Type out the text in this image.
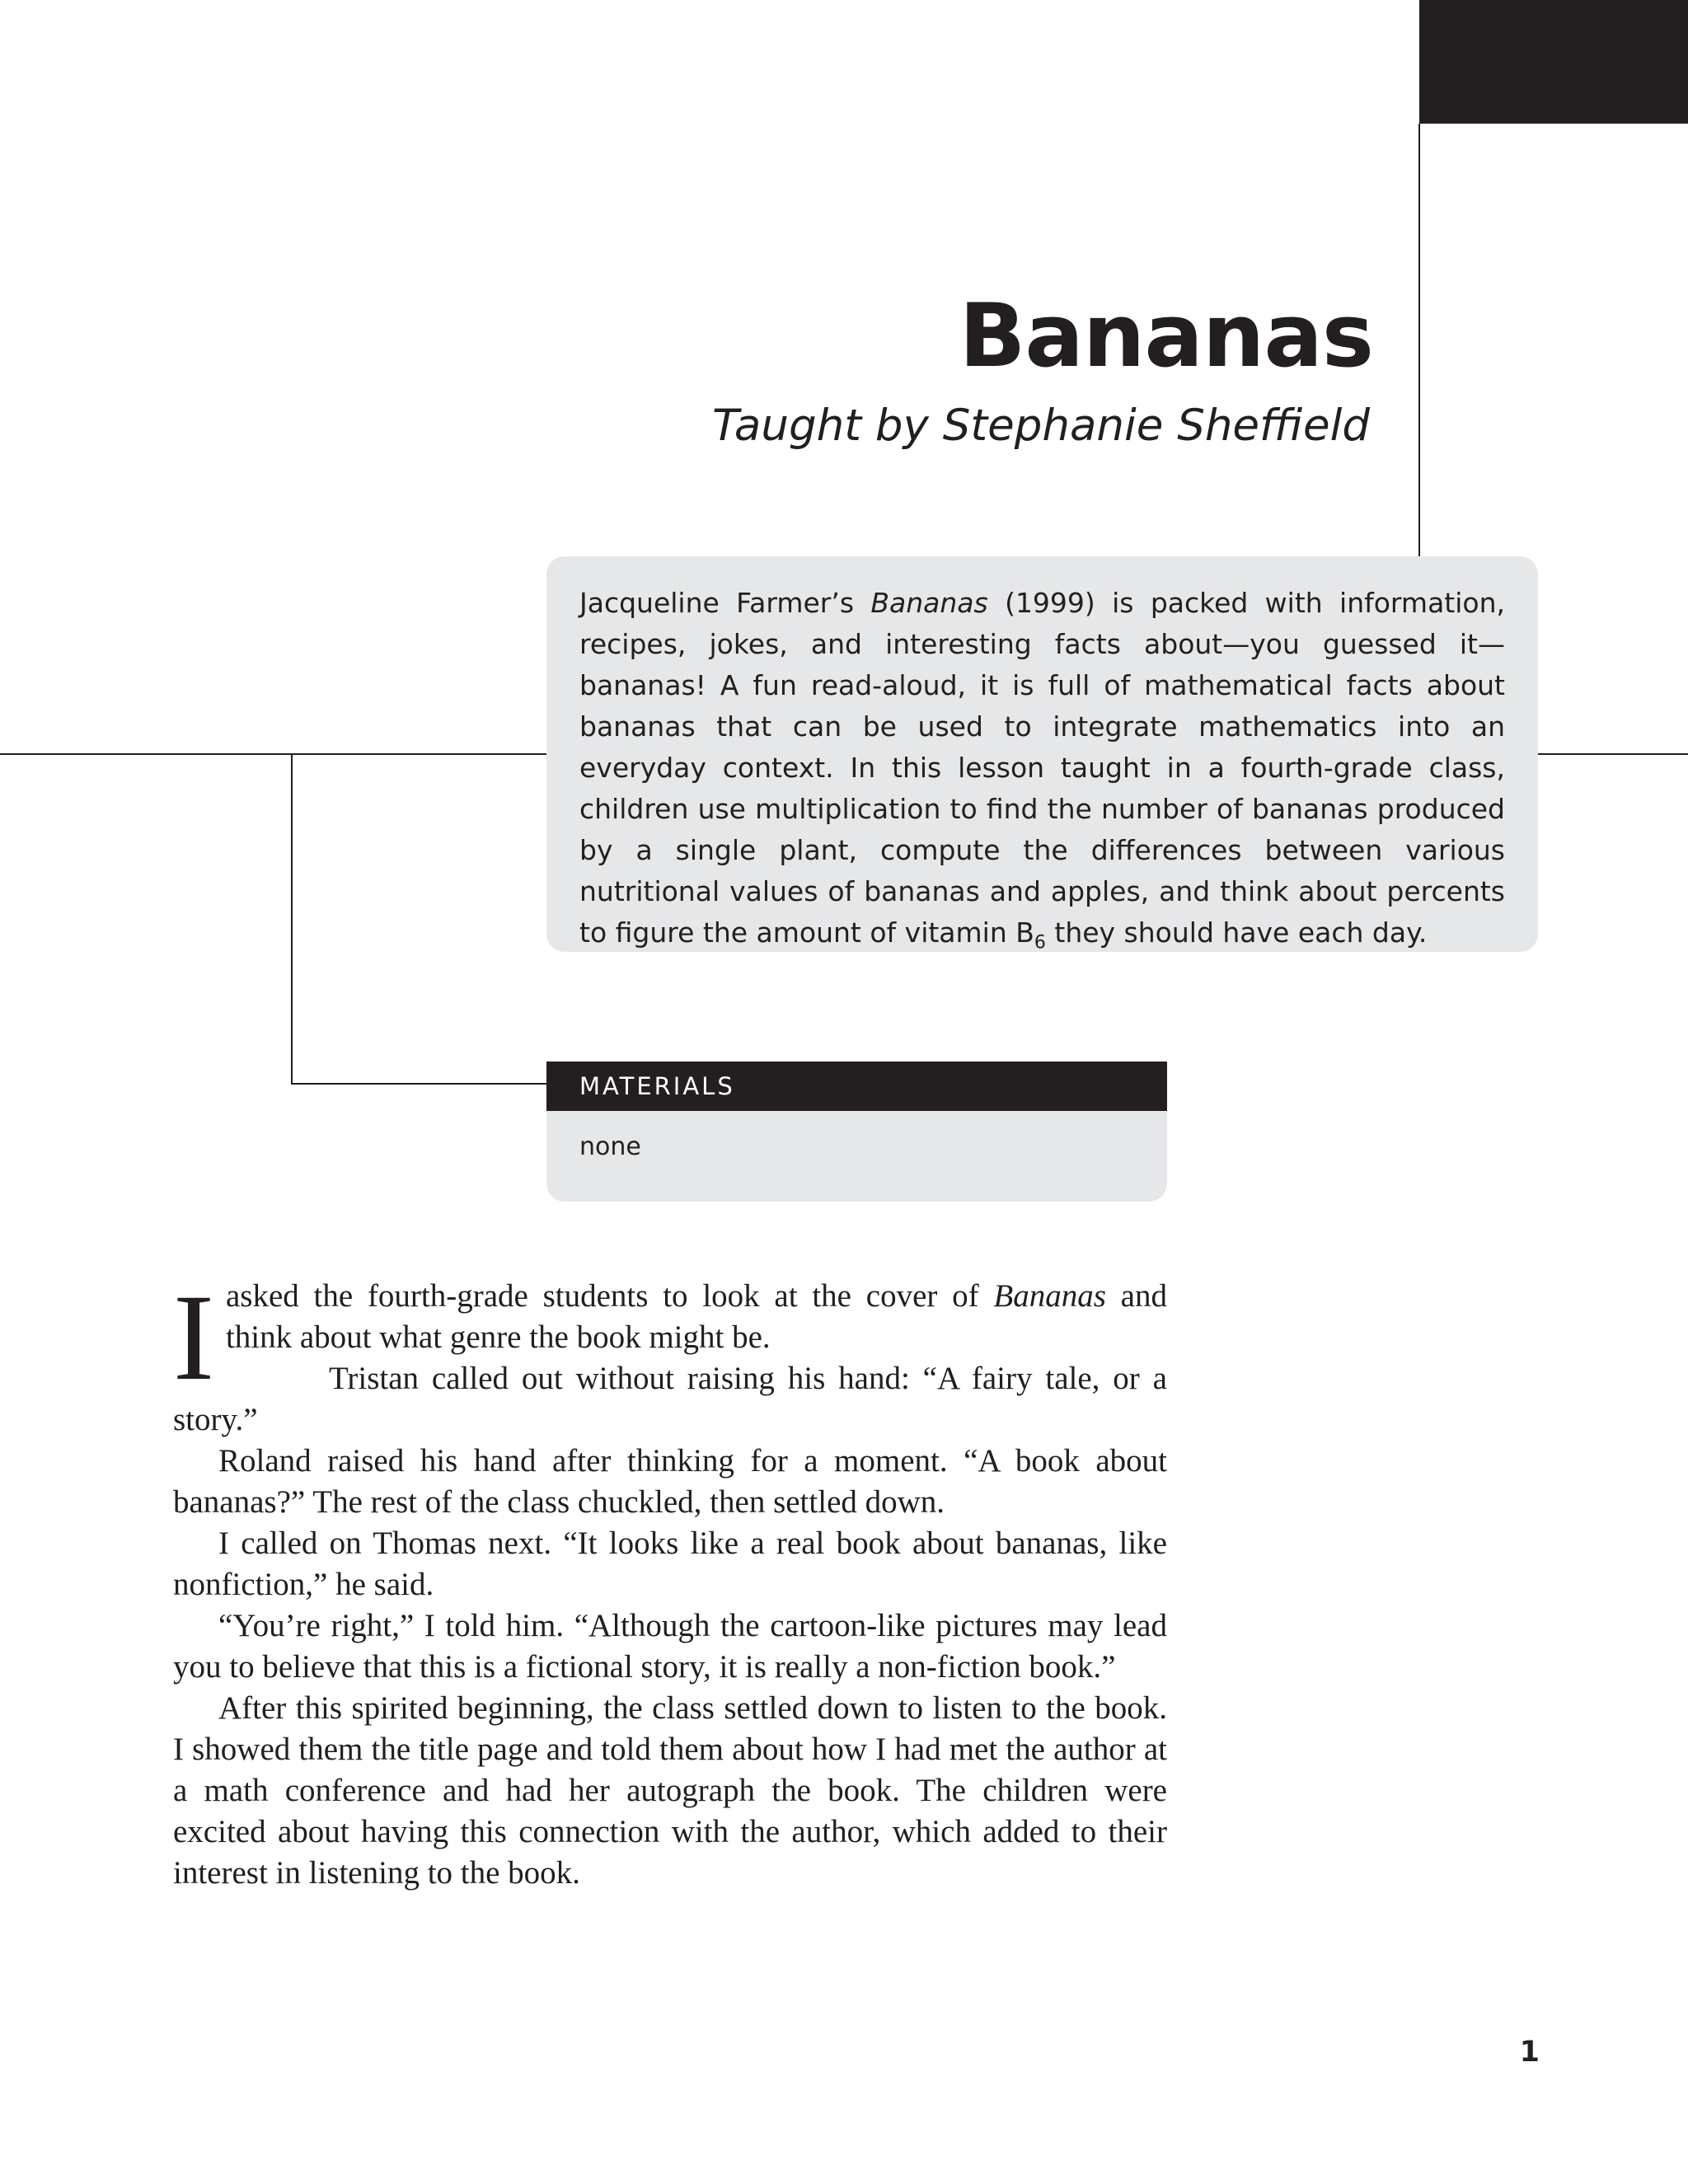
Bananas

Taught by Stephanie Sheffield

Jacqueline Farmer’s Bananas (1999) is packed with information, recipes, jokes, and interesting facts about—you guessed it—bananas! A fun read-aloud, it is full of mathematical facts about bananas that can be used to integrate mathematics into an everyday context. In this lesson taught in a fourth-grade class, children use multiplication to find the number of bananas produced by a single plant, compute the differences between various nutritional values of bananas and apples, and think about percents to figure the amount of vitamin $B_6$ they should have each day.

MATERIALS
none

I asked the fourth-grade students to look at the cover of Bananas and think about what genre the book might be.

Tristan called out without raising his hand: “A fairy tale, or a story.”

Roland raised his hand after thinking for a moment. “A book about bananas?” The rest of the class chuckled, then settled down.

I called on Thomas next. “It looks like a real book about bananas, like nonfiction,” he said.

“You’re right,” I told him. “Although the cartoon-like pictures may lead you to believe that this is a fictional story, it is really a non-fiction book.”

After this spirited beginning, the class settled down to listen to the book. I showed them the title page and told them about how I had met the author at a math conference and had her autograph the book. The children were excited about having this connection with the author, which added to their interest in listening to the book.

1
